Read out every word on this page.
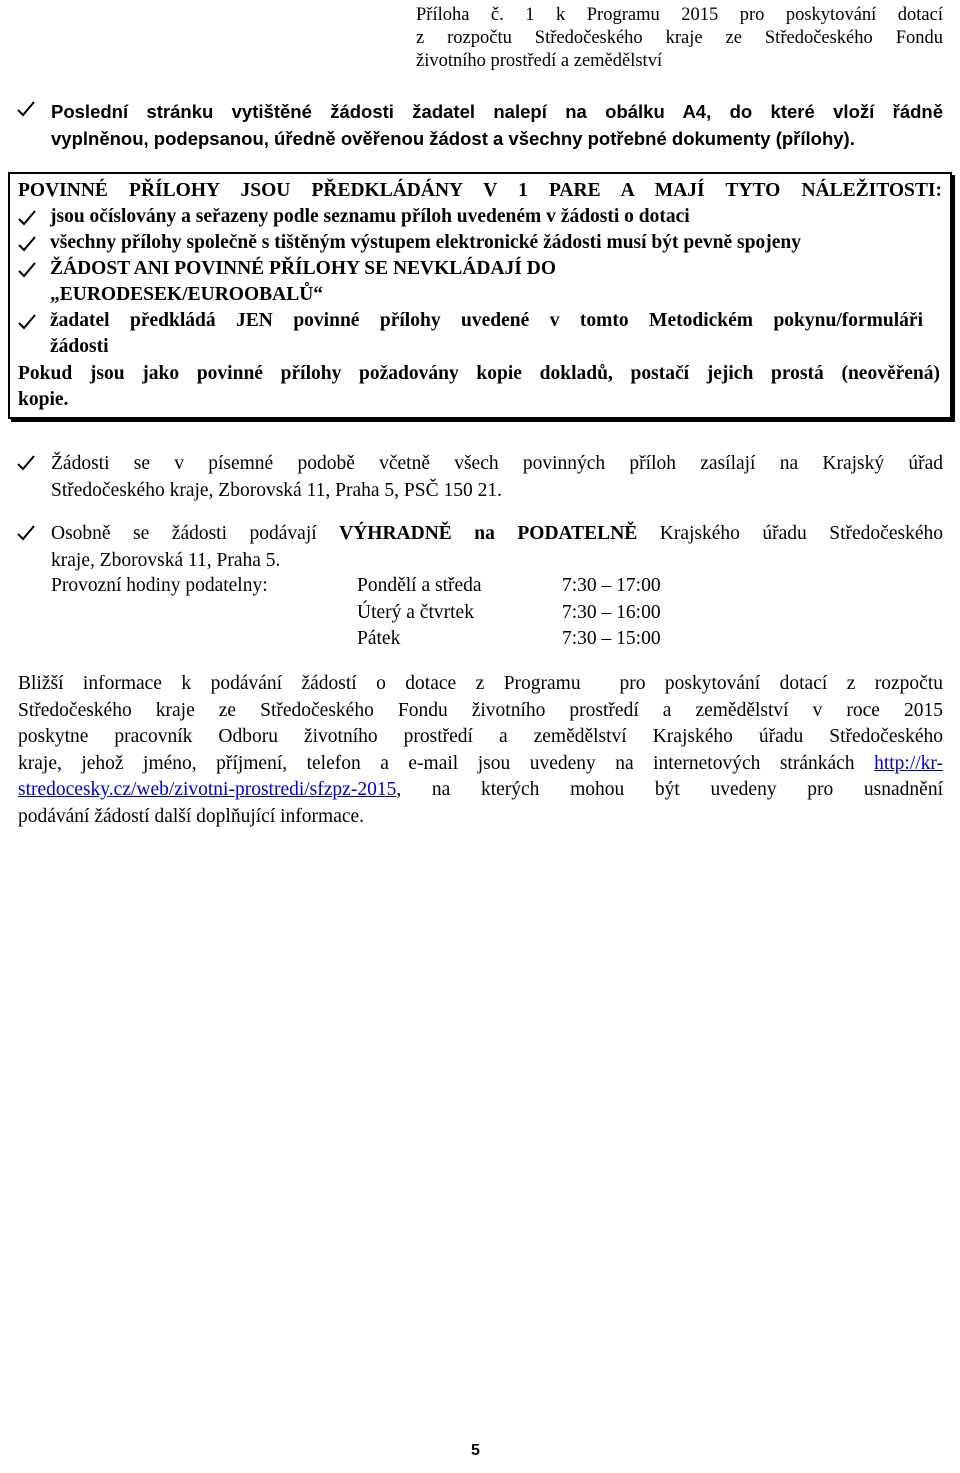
Příloha č. 1 k Programu 2015 pro poskytování dotací
z rozpočtu Středočeského kraje ze Středočeského Fondu
životního prostředí a zemědělství
Poslední stránku vytištěné žádosti žadatel nalepí na obálku A4, do které vloží řádně
vyplněnou, podepsanou, úředně ověřenou žádost a všechny potřebné dokumenty (přílohy).
POVINNÉ PŘÍLOHY JSOU PŘEDKLÁDÁNY V 1 PARE A MAJÍ TYTO NÁLEŽITOSTI:
jsou očíslovány a seřazeny podle seznamu příloh uvedeném v žádosti o dotaci
všechny přílohy společně s tištěným výstupem elektronické žádosti musí být pevně spojeny
ŽÁDOST ANI POVINNÉ PŘÍLOHY SE NEVKLÁDAJÍ DO
„EURODESEK/EUROOBALŮ“
žadatel předkládá JEN povinné přílohy uvedené v tomto Metodickém pokynu/formuláři
žádosti
Pokud jsou jako povinné přílohy požadovány kopie dokladů, postačí jejich prostá (neověřená)
kopie.
Žádosti se v písemné podobě včetně všech povinných příloh zasílají na Krajský úřad
Středočeského kraje, Zborovská 11, Praha 5, PSČ 150 21.
Osobně se žádosti podávají VÝHRADNĚ na PODATELNĚ Krajského úřadu Středočeského
kraje, Zborovská 11, Praha 5.
Provozní hodiny podatelny:	Pondělí a středa	7:30 – 17:00
Úterý a čtvrtek	7:30 – 16:00
Pátek	7:30 – 15:00
Bližší informace k podávání žádostí o dotace z Programu  pro poskytování dotací z rozpočtu
Středočeského kraje ze Středočeského Fondu životního prostředí a zemědělství v roce 2015
poskytne pracovník Odboru životního prostředí a zemědělství Krajského úřadu Středočeského
kraje, jehož jméno, příjmení, telefon a e-mail jsou uvedeny na internetových stránkách http://kr-
stredocesky.cz/web/zivotni-prostredi/sfzpz-2015, na kterých mohou být uvedeny pro usnadnění
podávání žádostí další doplňující informace.
5
